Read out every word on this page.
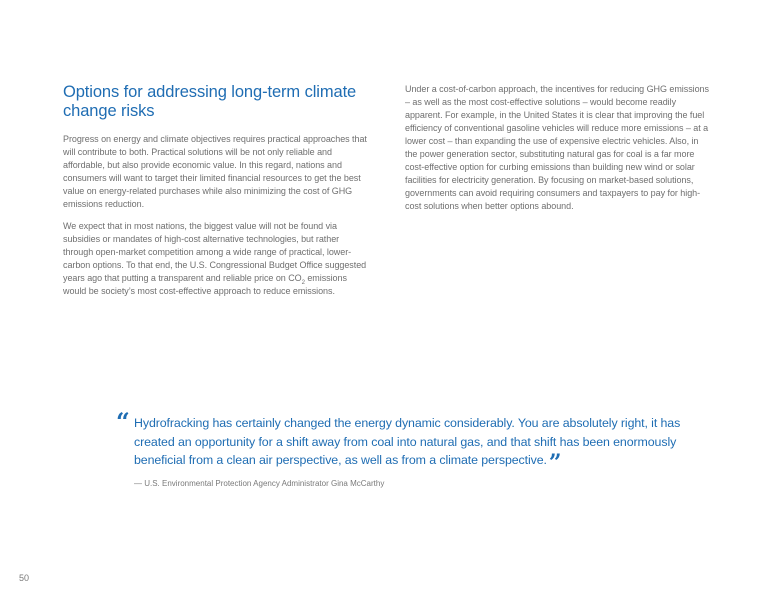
Options for addressing long-term climate change risks

Progress on energy and climate objectives requires practical approaches that will contribute to both. Practical solutions will be not only reliable and affordable, but also provide economic value. In this regard, nations and consumers will want to target their limited financial resources to get the best value on energy-related purchases while also minimizing the cost of GHG emissions reduction.

We expect that in most nations, the biggest value will not be found via subsidies or mandates of high-cost alternative technologies, but rather through open-market competition among a wide range of practical, lower-carbon options. To that end, the U.S. Congressional Budget Office suggested years ago that putting a transparent and reliable price on $CO_2$ emissions would be society’s most cost-effective approach to reduce emissions.

Under a cost-of-carbon approach, the incentives for reducing GHG emissions – as well as the most cost-effective solutions – would become readily apparent. For example, in the United States it is clear that improving the fuel efficiency of conventional gasoline vehicles will reduce more emissions – at a lower cost – than expanding the use of expensive electric vehicles. Also, in the power generation sector, substituting natural gas for coal is a far more cost-effective option for curbing emissions than building new wind or solar facilities for electricity generation. By focusing on market-based solutions, governments can avoid requiring consumers and taxpayers to pay for high-cost solutions when better options abound.

“ Hydrofracking has certainly changed the energy dynamic considerably. You are absolutely right, it has created an opportunity for a shift away from coal into natural gas, and that shift has been enormously beneficial from a clean air perspective, as well as from a climate perspective.”
— U.S. Environmental Protection Agency Administrator Gina McCarthy
50
